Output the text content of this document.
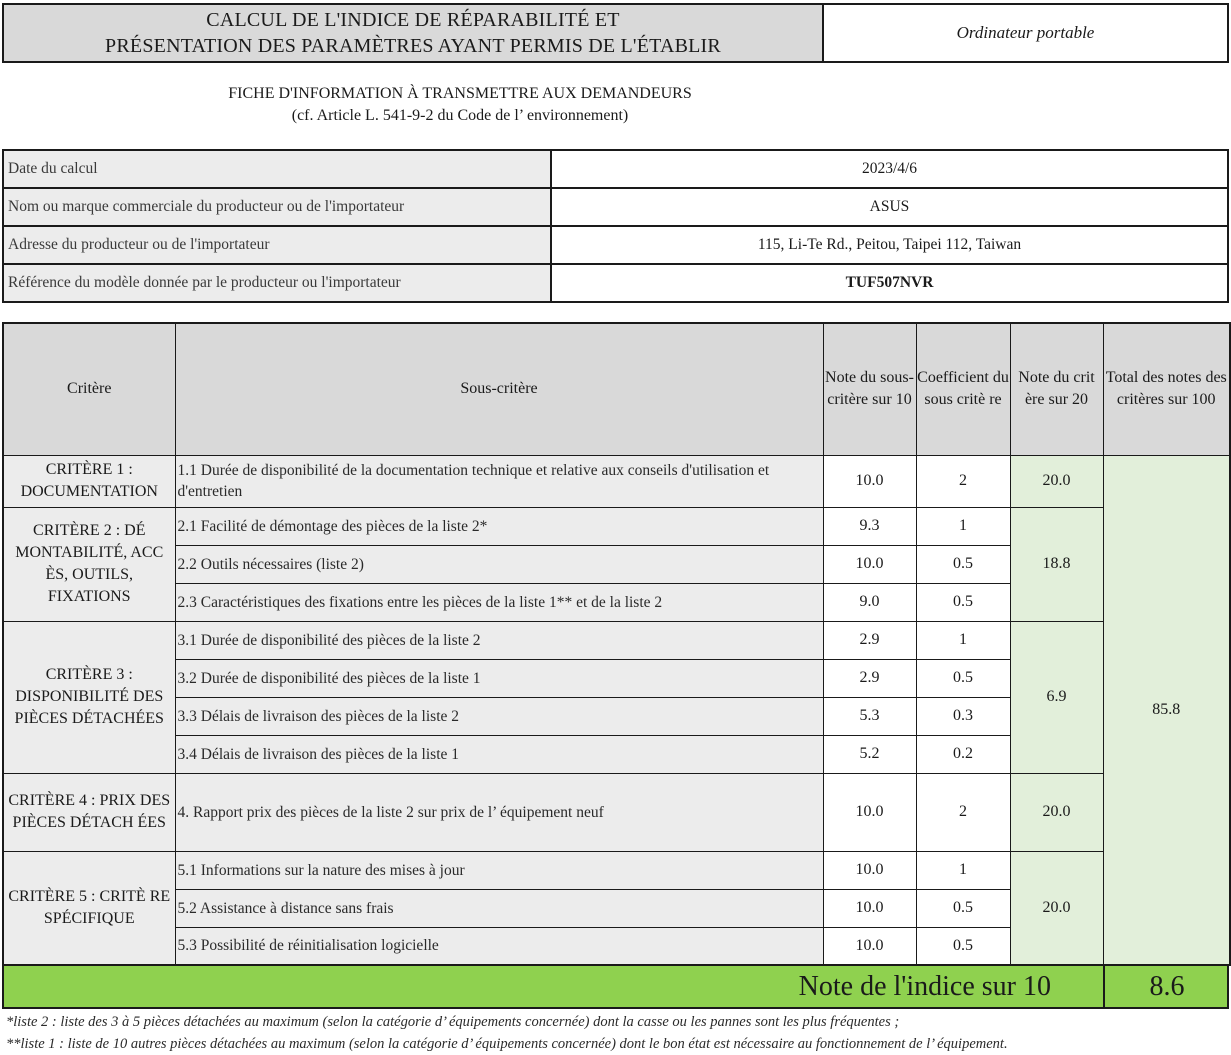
CALCUL DE L'INDICE DE RÉPARABILITÉ ET
PRÉSENTATION DES PARAMÈTRES AYANT PERMIS DE L'ÉTABLIR
Ordinateur portable
FICHE D'INFORMATION À TRANSMETTRE AUX DEMANDEURS
(cf. Article L. 541-9-2 du Code de l’ environnement)
Date du calcul	2023/4/6
Nom ou marque commerciale du producteur ou de l'importateur	ASUS
Adresse du producteur ou de l'importateur	115, Li-Te Rd., Peitou, Taipei 112, Taiwan
Référence du modèle donnée par le producteur ou l'importateur	TUF507NVR
Critère	Sous-critère	Note du sous-critère sur 10	Coefficient du sous critè re	Note du crit ère sur 20	Total des notes des critères sur 100
CRITÈRE 1 : DOCUMENTATION	1.1 Durée de disponibilité de la documentation technique et relative aux conseils d'utilisation et d'entretien	10.0	2	20.0	85.8
CRITÈRE 2 : DÉ MONTABILITÉ, ACC ÈS, OUTILS, FIXATIONS	2.1 Facilité de démontage des pièces de la liste 2*	9.3	1	18.8	
	2.2 Outils nécessaires (liste 2)	10.0	0.5		
	2.3 Caractéristiques des fixations entre les pièces de la liste 1** et de la liste 2	9.0	0.5		
CRITÈRE 3 : DISPONIBILITÉ DES PIÈCES DÉTACHÉES	3.1 Durée de disponibilité des pièces de la liste 2	2.9	1	6.9	
	3.2 Durée de disponibilité des pièces de la liste 1	2.9	0.5		
	3.3 Délais de livraison des pièces de la liste 2	5.3	0.3		
	3.4 Délais de livraison des pièces de la liste 1	5.2	0.2		
CRITÈRE 4 : PRIX DES PIÈCES DÉTACH ÉES	4. Rapport prix des pièces de la liste 2 sur prix de l’ équipement neuf	10.0	2	20.0	
CRITÈRE 5 : CRITÈ RE SPÉCIFIQUE	5.1 Informations sur la nature des mises à jour	10.0	1	20.0	
	5.2 Assistance à distance sans frais	10.0	0.5		
	5.3 Possibilité de réinitialisation logicielle	10.0	0.5		
Note de l'indice sur 10	8.6
*liste 2 : liste des 3 à 5 pièces détachées au maximum (selon la catégorie d’ équipements concernée) dont la casse ou les pannes sont les plus fréquentes ;
**liste 1 : liste de 10 autres pièces détachées au maximum (selon la catégorie d’ équipements concernée) dont le bon état est nécessaire au fonctionnement de l’ équipement.
